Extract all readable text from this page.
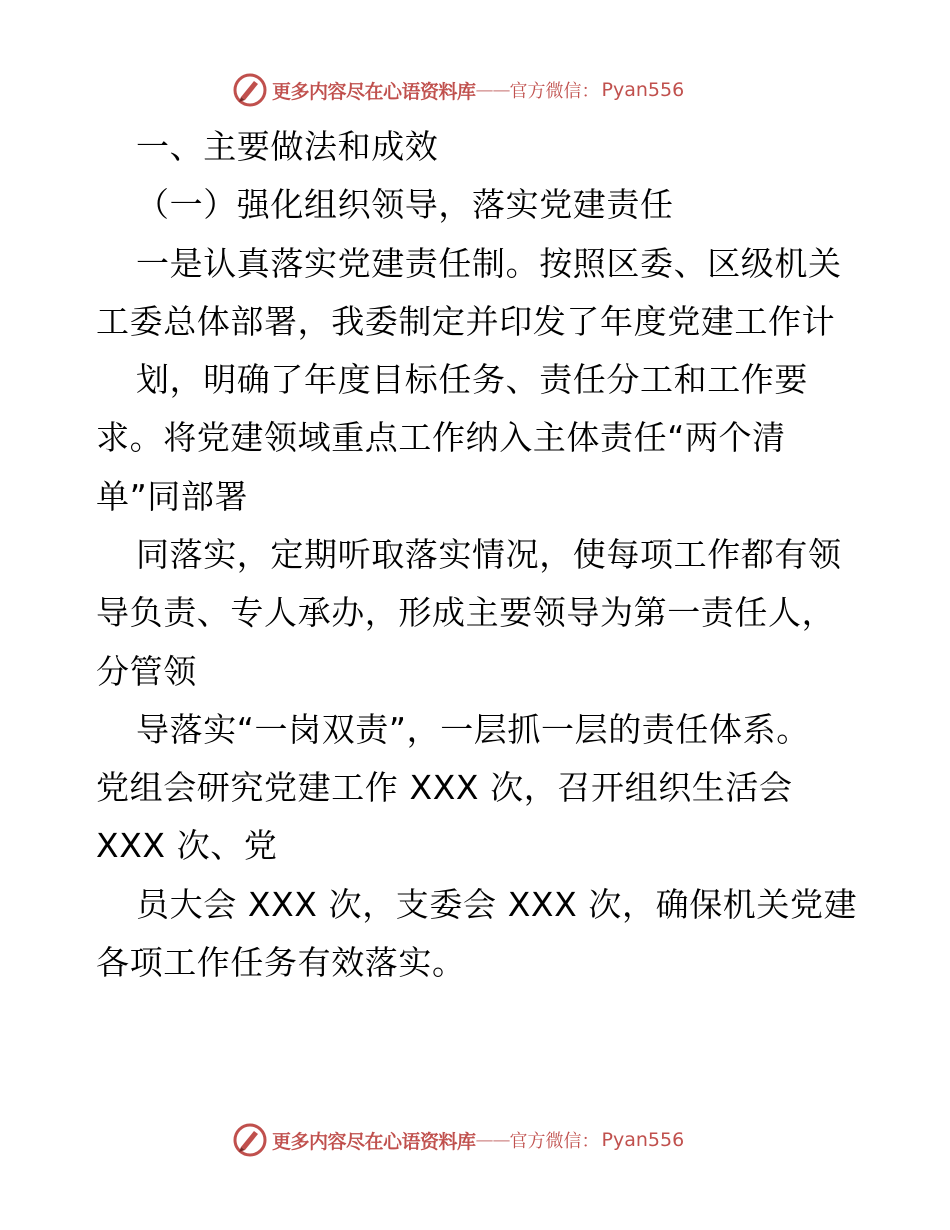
更多内容尽在心语资料库 —— 官方微信： Pyan556
一、主要做法和成效
（一）强化组织领导，落实党建责任
一是认真落实党建责任制。按照区委、区级机关
工委总体部署，我委制定并印发了年度党建工作计
划，明确了年度目标任务、责任分工和工作要
求。将党建领域重点工作纳入主体责任“两个清
单”同部署
同落实，定期听取落实情况，使每项工作都有领
导负责、专人承办，形成主要领导为第一责任人，
分管领
导落实“一岗双责”，一层抓一层的责任体系。
党组会研究党建工作 XXX 次，召开组织生活会
XXX 次、党
员大会 XXX 次，支委会 XXX 次，确保机关党建
各项工作任务有效落实。
更多内容尽在心语资料库 —— 官方微信： Pyan556
